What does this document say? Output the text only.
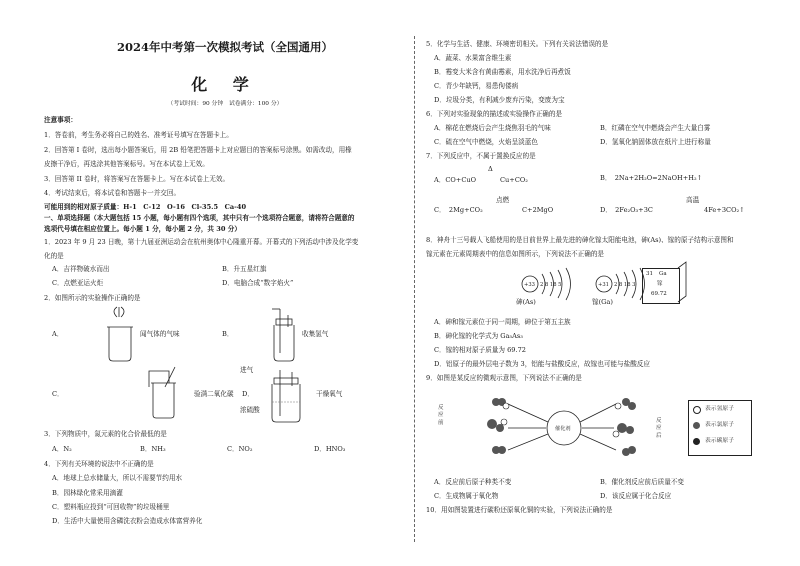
2024年中考第一次模拟考试（全国通用）
化 学
（考试时间：90 分钟　试卷满分：100 分）
注意事项：
1．答卷前，考生务必将自己的姓名、准考证号填写在答题卡上。
2．回答第 I 卷时，选出每小题答案后，用 2B 铅笔把答题卡上对应题目的答案标号涂黑。如需改动，用橡
皮擦干净后，再选涂其他答案标号。写在本试卷上无效。
3．回答第 II 卷时，将答案写在答题卡上。写在本试卷上无效。
4．考试结束后，将本试卷和答题卡一并交回。
可能用到的相对原子质量：H-1　C-12　O-16　Cl-35.5　Ca-40
一、单项选择题（本大题包括 15 小题，每小题有四个选项，其中只有一个选项符合题意，请将符合题意的
选项代号填在相应位置上。每小题 1 分，每小题 2 分，共 30 分）
1．2023 年 9 月 23 日晚，第十九届亚洲运动会在杭州奥体中心隆重开幕。开幕式的下列活动中涉及化学变
化的是
A．吉祥物破水而出	B．升五星红旗
C．点燃亚运火炬	D．电脑合成“数字焰火”
2．如图所示的实验操作正确的是
A．	闻气体的气味	B．	收集氢气
C．	验满二氧化碳 D．
进气
干燥氧气
浓硫酸
3．下列物质中，氮元素的化合价最低的是
A．N₂	B．NH₃	C．NO₂	D．HNO₃
4．下列有关环境的说法中不正确的是
A．地球上总水储量大，所以不需要节约用水
B．园林绿化常采用滴灌
C．塑料瓶应投到“可回收物”的垃圾桶里
D．生活中大量使用含磷洗衣粉会造成水体富营养化
5．化学与生活、健康、环境密切相关。下列有关说法错误的是
A．蔬菜、水果富含维生素
B．霉变大米含有黄曲霉素，用水洗净后再煮饭
C．青少年缺钙，易患佝偻病
D．垃圾分类，有利减少废弃污染，变废为宝
6．下列对实验现象的描述或实验操作正确的是
A．棉花在燃烧后会产生烧焦羽毛的气味	B．红磷在空气中燃烧会产生大量白雾
C．硫在空气中燃烧，火焰呈淡蓝色	D．氢氧化钠固体放在纸片上进行称量
7．下列反应中，不属于置换反应的是
A．CO+CuO
Δ
Cu+CO₂	B．　2Na+2H₂O=2NaOH+H₂↑
C．　2Mg+CO₂
点燃
C+2MgO	D．　2Fe₂O₃+3C
高温
4Fe+3CO₂↑
8．神舟十三号载人飞船使用的是目前世界上最先进的砷化镓太阳能电池，砷(As)、镓的原子结构示意图和
镓元素在元素周期表中的信息如图所示，下列说法不正确的是
+33 2 8 18 5
砷(As)
+31 2 8 18 3
镓(Ga)
31 Ga
镓
69.72
A．砷和镓元素位于同一周期，砷位于第五主族
B．砷化镓的化学式为 Ga₅As₃
C．镓的相对原子质量为 69.72
D．铝原子的最外层电子数为 3，铝能与盐酸反应，故镓也可能与盐酸反应
9．如图是某反应的微观示意图，下列说法不正确的是
催化剂
反应前	反应后
表示氢原子
表示氯原子
表示碳原子
A．反应前后原子种类不变	B．催化剂反应前后质量不变
C．生成物属于氧化物	D．该反应属于化合反应
10．用如图装置进行碳粉还原氧化铜的实验，下列说法正确的是
